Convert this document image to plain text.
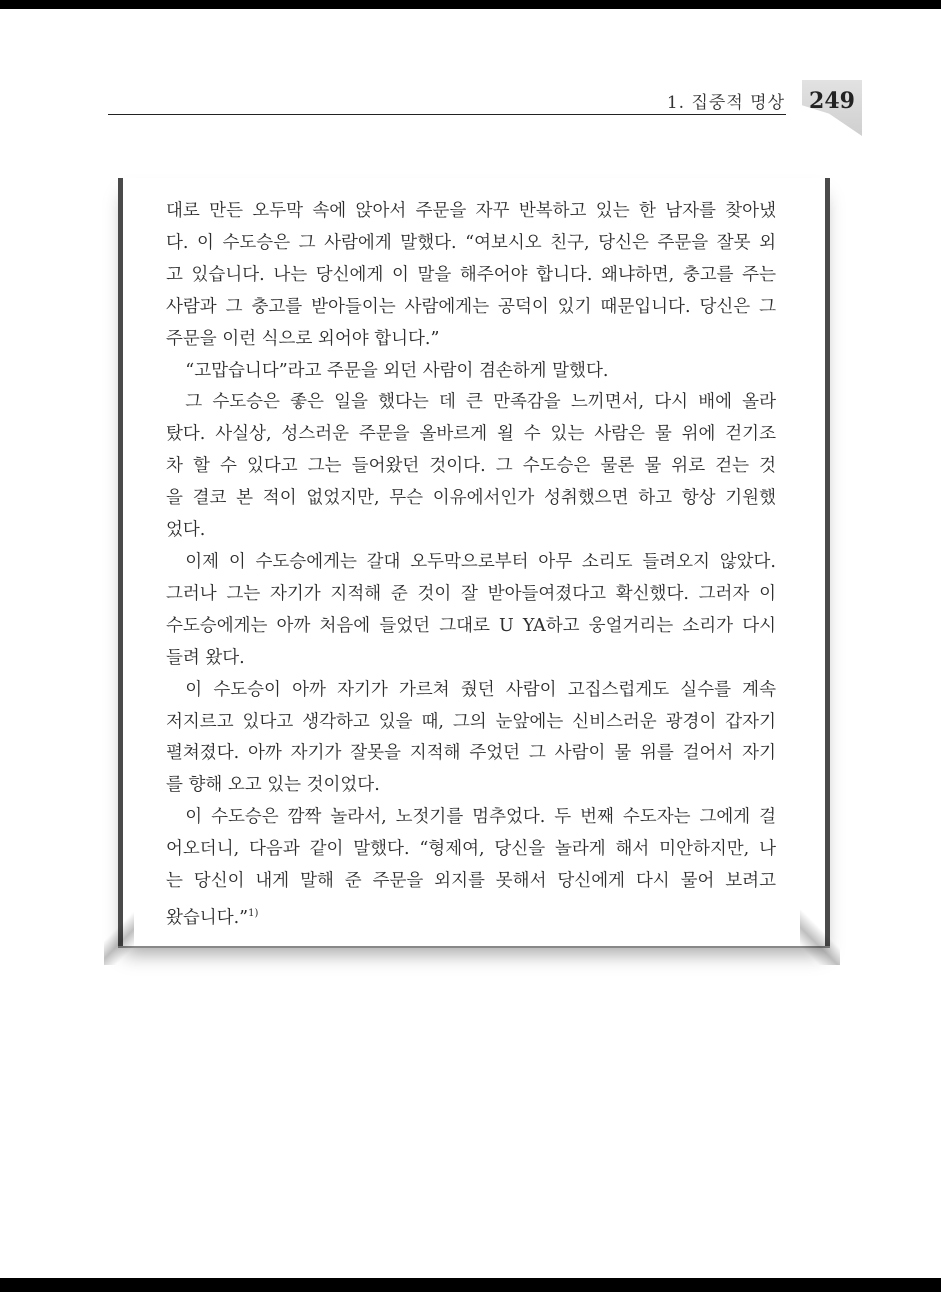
1. 집중적 명상	249

대로 만든 오두막 속에 앉아서 주문을 자꾸 반복하고 있는 한 남자를 찾아냈

다. 이 수도승은 그 사람에게 말했다. “여보시오 친구, 당신은 주문을 잘못 외

고 있습니다. 나는 당신에게 이 말을 해주어야 합니다. 왜냐하면, 충고를 주는

사람과 그 충고를 받아들이는 사람에게는 공덕이 있기 때문입니다. 당신은 그

주문을 이런 식으로 외어야 합니다.”

“고맙습니다”라고 주문을 외던 사람이 겸손하게 말했다.

그 수도승은 좋은 일을 했다는 데 큰 만족감을 느끼면서, 다시 배에 올라

탔다. 사실상, 성스러운 주문을 올바르게 욀 수 있는 사람은 물 위에 걷기조

차 할 수 있다고 그는 들어왔던 것이다. 그 수도승은 물론 물 위로 걷는 것

을 결코 본 적이 없었지만, 무슨 이유에서인가 성취했으면 하고 항상 기원했

었다.

이제 이 수도승에게는 갈대 오두막으로부터 아무 소리도 들려오지 않았다.

그러나 그는 자기가 지적해 준 것이 잘 받아들여졌다고 확신했다. 그러자 이

수도승에게는 아까 처음에 들었던 그대로 U YA하고 웅얼거리는 소리가 다시

들려 왔다.

이 수도승이 아까 자기가 가르쳐 줬던 사람이 고집스럽게도 실수를 계속

저지르고 있다고 생각하고 있을 때, 그의 눈앞에는 신비스러운 광경이 갑자기

펼쳐졌다. 아까 자기가 잘못을 지적해 주었던 그 사람이 물 위를 걸어서 자기

를 향해 오고 있는 것이었다.

이 수도승은 깜짝 놀라서, 노젓기를 멈추었다. 두 번째 수도자는 그에게 걸

어오더니, 다음과 같이 말했다. “형제여, 당신을 놀라게 해서 미안하지만, 나

는 당신이 내게 말해 준 주문을 외지를 못해서 당신에게 다시 물어 보려고

왔습니다.”$^{1)}$
